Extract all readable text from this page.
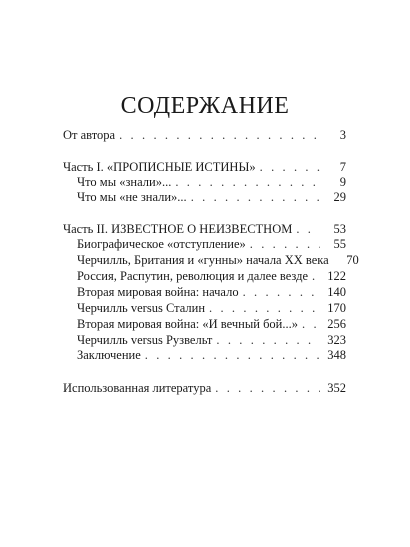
СОДЕРЖАНИЕ
От автора . . .	3
Часть I. «ПРОПИСНЫЕ ИСТИНЫ» . . .	7
Что мы «знали»... . . .	9
Что мы «не знали»... . . .	29
Часть II. ИЗВЕСТНОЕ О НЕИЗВЕСТНОМ . . .	53
Биографическое «отступление» . . .	55
Черчилль, Британия и «гунны» начала XX века	70
Россия, Распутин, революция и далее везде . . . 122
Вторая мировая война: начало . . .	140
Черчилль versus Сталин . . .	170
Вторая мировая война: «И вечный бой...» . . . 256
Черчилль versus Рузвельт . . .	323
Заключение . . .	348
Использованная литература . . .	352
